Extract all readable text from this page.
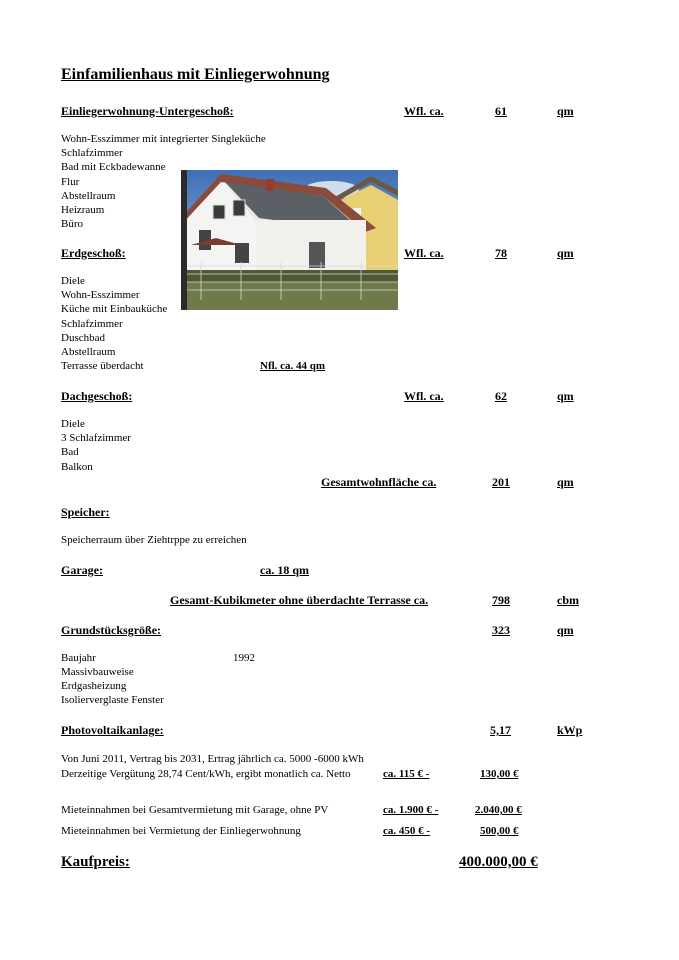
Einfamilienhaus mit Einliegerwohnung
Einliegerwohnung-Untergeschoß:	Wfl. ca.	61	qm
Wohn-Esszimmer mit integrierter Singleküche
Schlafzimmer
Bad mit Eckbadewanne
Flur
Abstellraum
Heizraum
Büro
Erdgeschoß:	Wfl. ca.	78	qm
Diele
Wohn-Esszimmer
Küche mit Einbauküche
Schlafzimmer
Duschbad
Abstellraum
Terrasse überdacht	Nfl. ca. 44 qm
Dachgeschoß:	Wfl. ca.	62	qm
Diele
3 Schlafzimmer
Bad
Balkon
Gesamtwohnfläche ca.	201	qm
Speicher:
Speicherraum über Ziehtrppe zu erreichen
Garage:	ca. 18 qm
Gesamt-Kubikmeter ohne überdachte Terrasse ca.	798	cbm
Grundstücksgröße:	323	qm
Baujahr	1992
Massivbauweise
Erdgasheizung
Isolierverglaste Fenster
Photovoltaikanlage:	5,17	kWp
Von Juni 2011, Vertrag bis 2031, Ertrag jährlich ca. 5000 -6000 kWh
Derzeitige Vergütung 28,74 Cent/kWh, ergibt monatlich ca. Netto	ca. 115 € -	130,00 €
Mieteinnahmen bei Gesamtvermietung mit Garage, ohne PV	ca. 1.900 € -	2.040,00 €
Mieteinnahmen bei Vermietung der Einliegerwohnung	ca. 450 € -	500,00 €
Kaufpreis:	400.000,00 €
